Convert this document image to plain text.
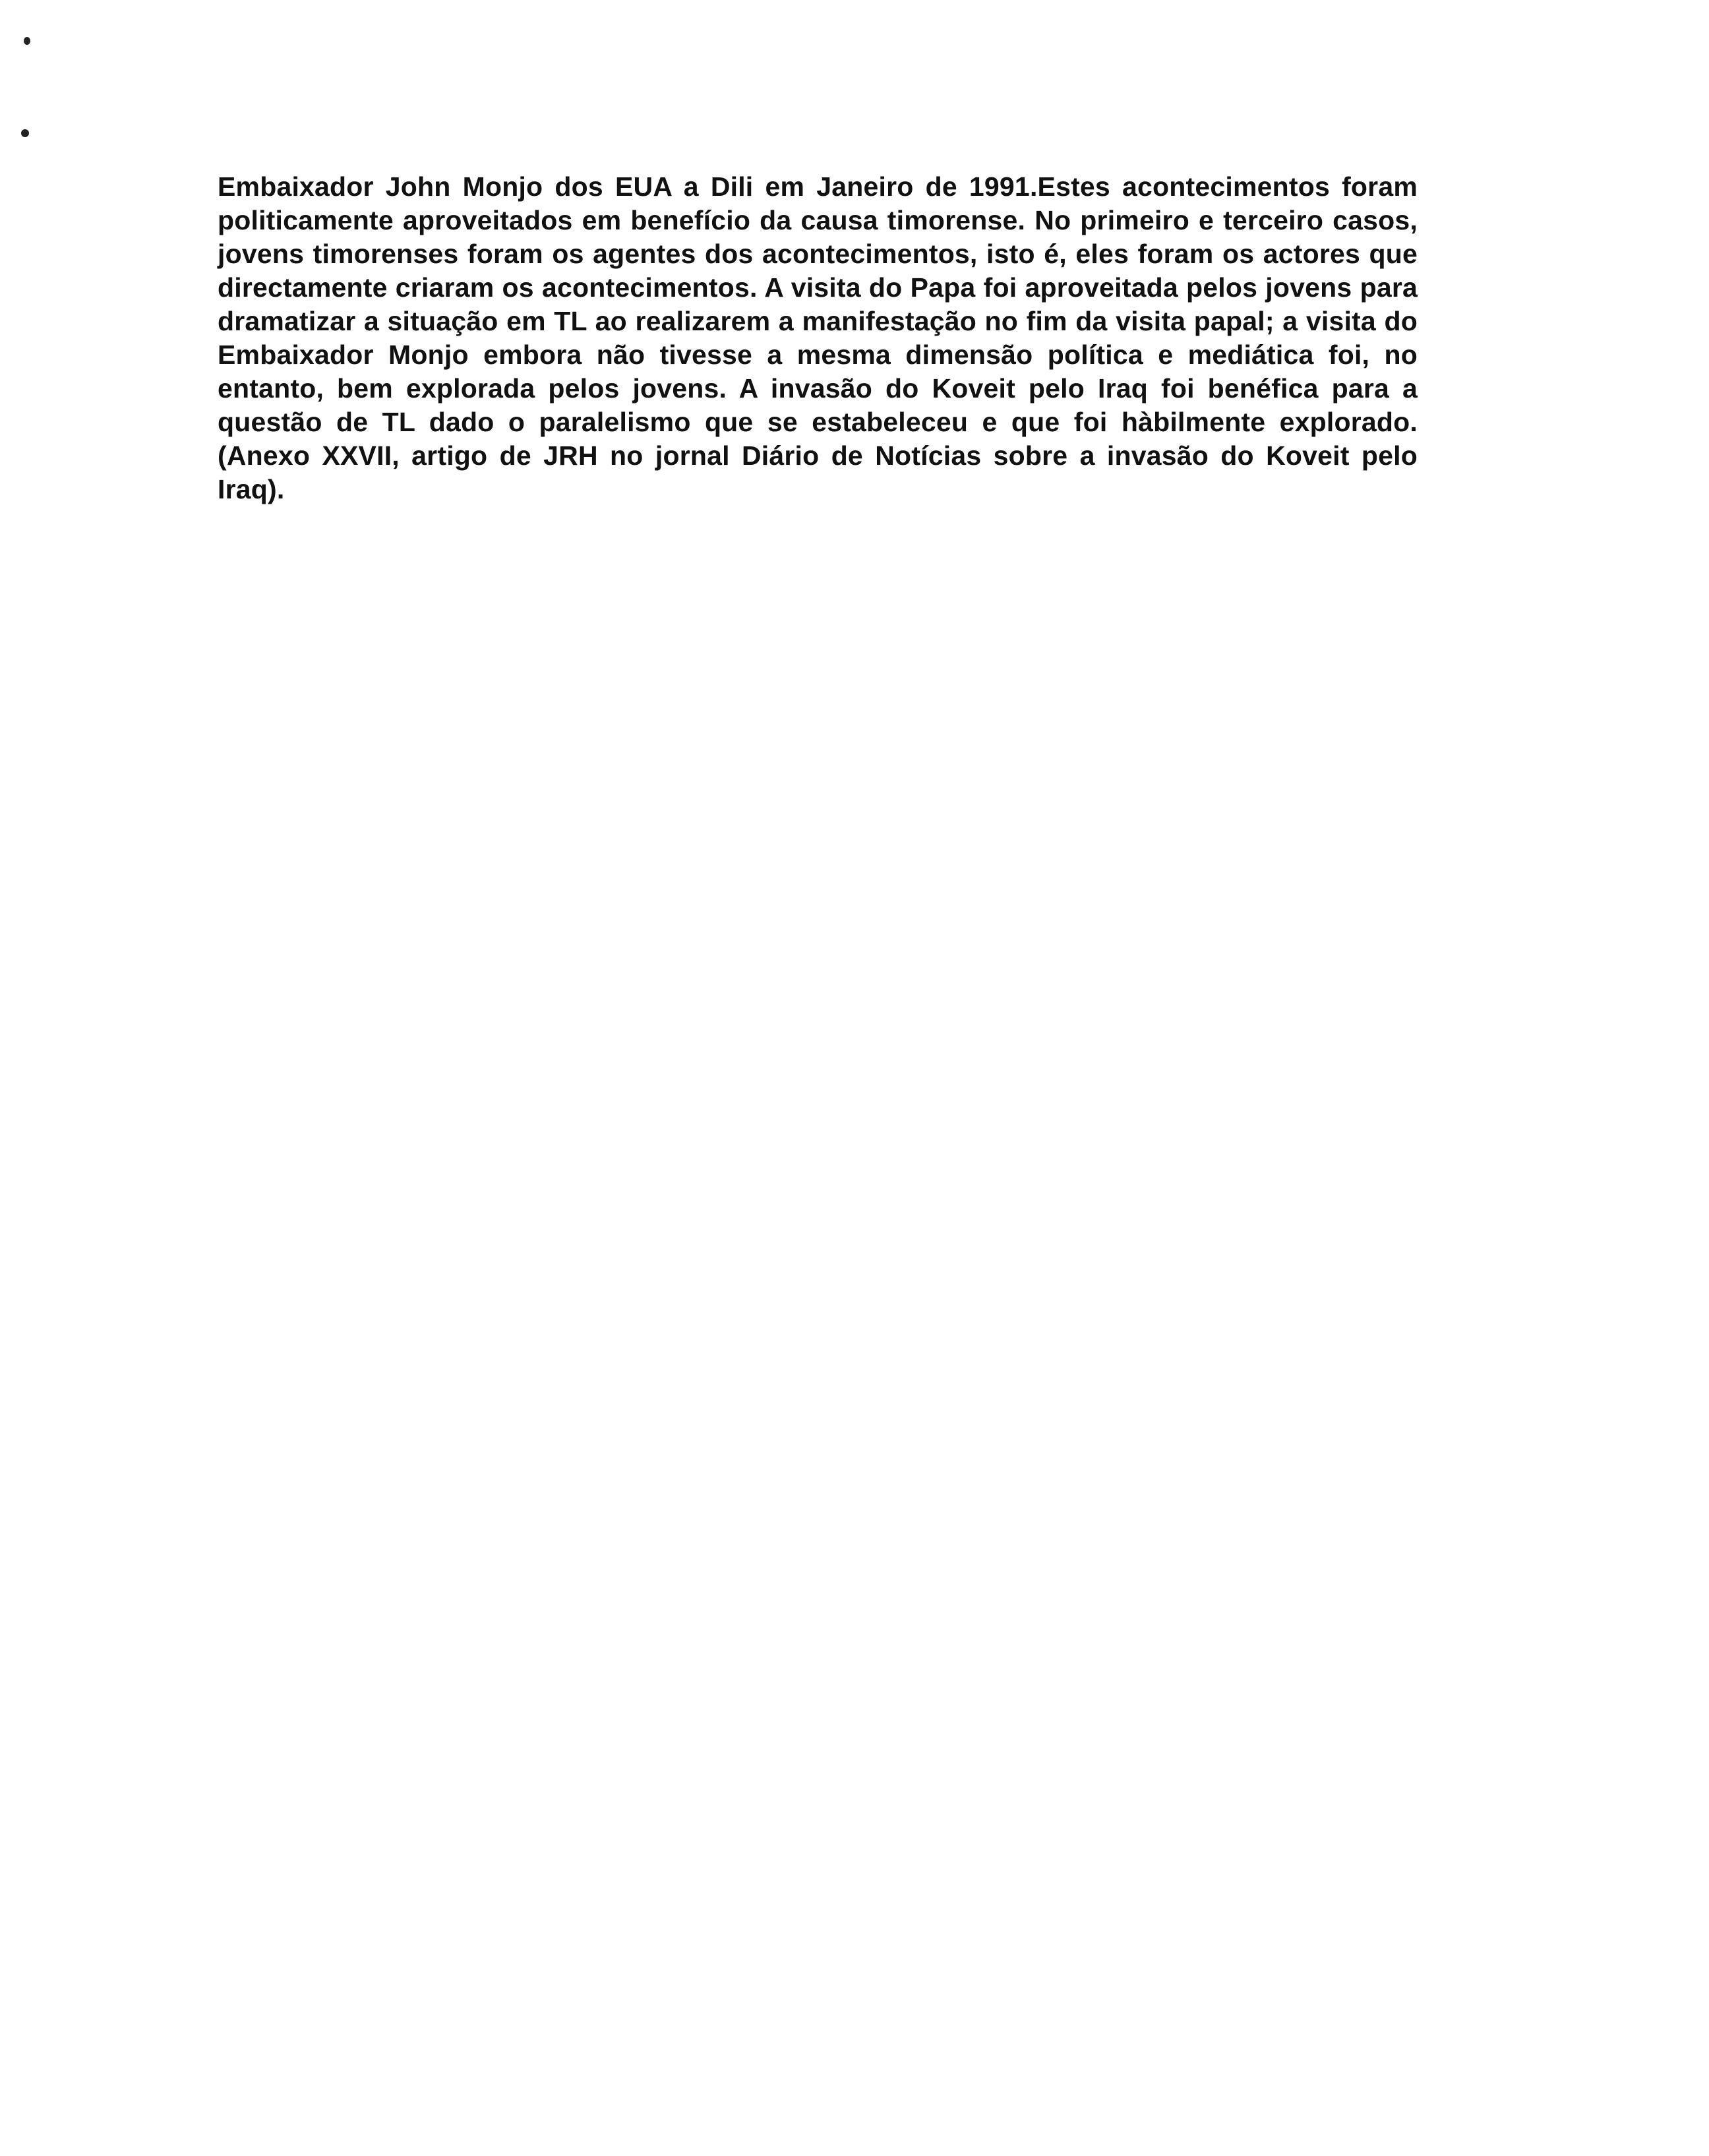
Embaixador John Monjo dos EUA a Dili em Janeiro de 1991.Estes acontecimentos foram politicamente aproveitados em benefício da causa timorense. No primeiro e terceiro casos, jovens timorenses foram os agentes dos acontecimentos, isto é, eles foram os actores que directamente criaram os acontecimentos. A visita do Papa foi aproveitada pelos jovens para dramatizar a situação em TL ao realizarem a manifestação no fim da visita papal; a visita do Embaixador Monjo embora não tivesse a mesma dimensão política e mediática foi, no entanto, bem explorada pelos jovens. A invasão do Koveit pelo Iraq foi benéfica para a questão de TL dado o paralelismo que se estabeleceu e que foi hàbilmente explorado. (Anexo XXVII, artigo de JRH no jornal Diário de Notícias sobre a invasão do Koveit pelo Iraq).
